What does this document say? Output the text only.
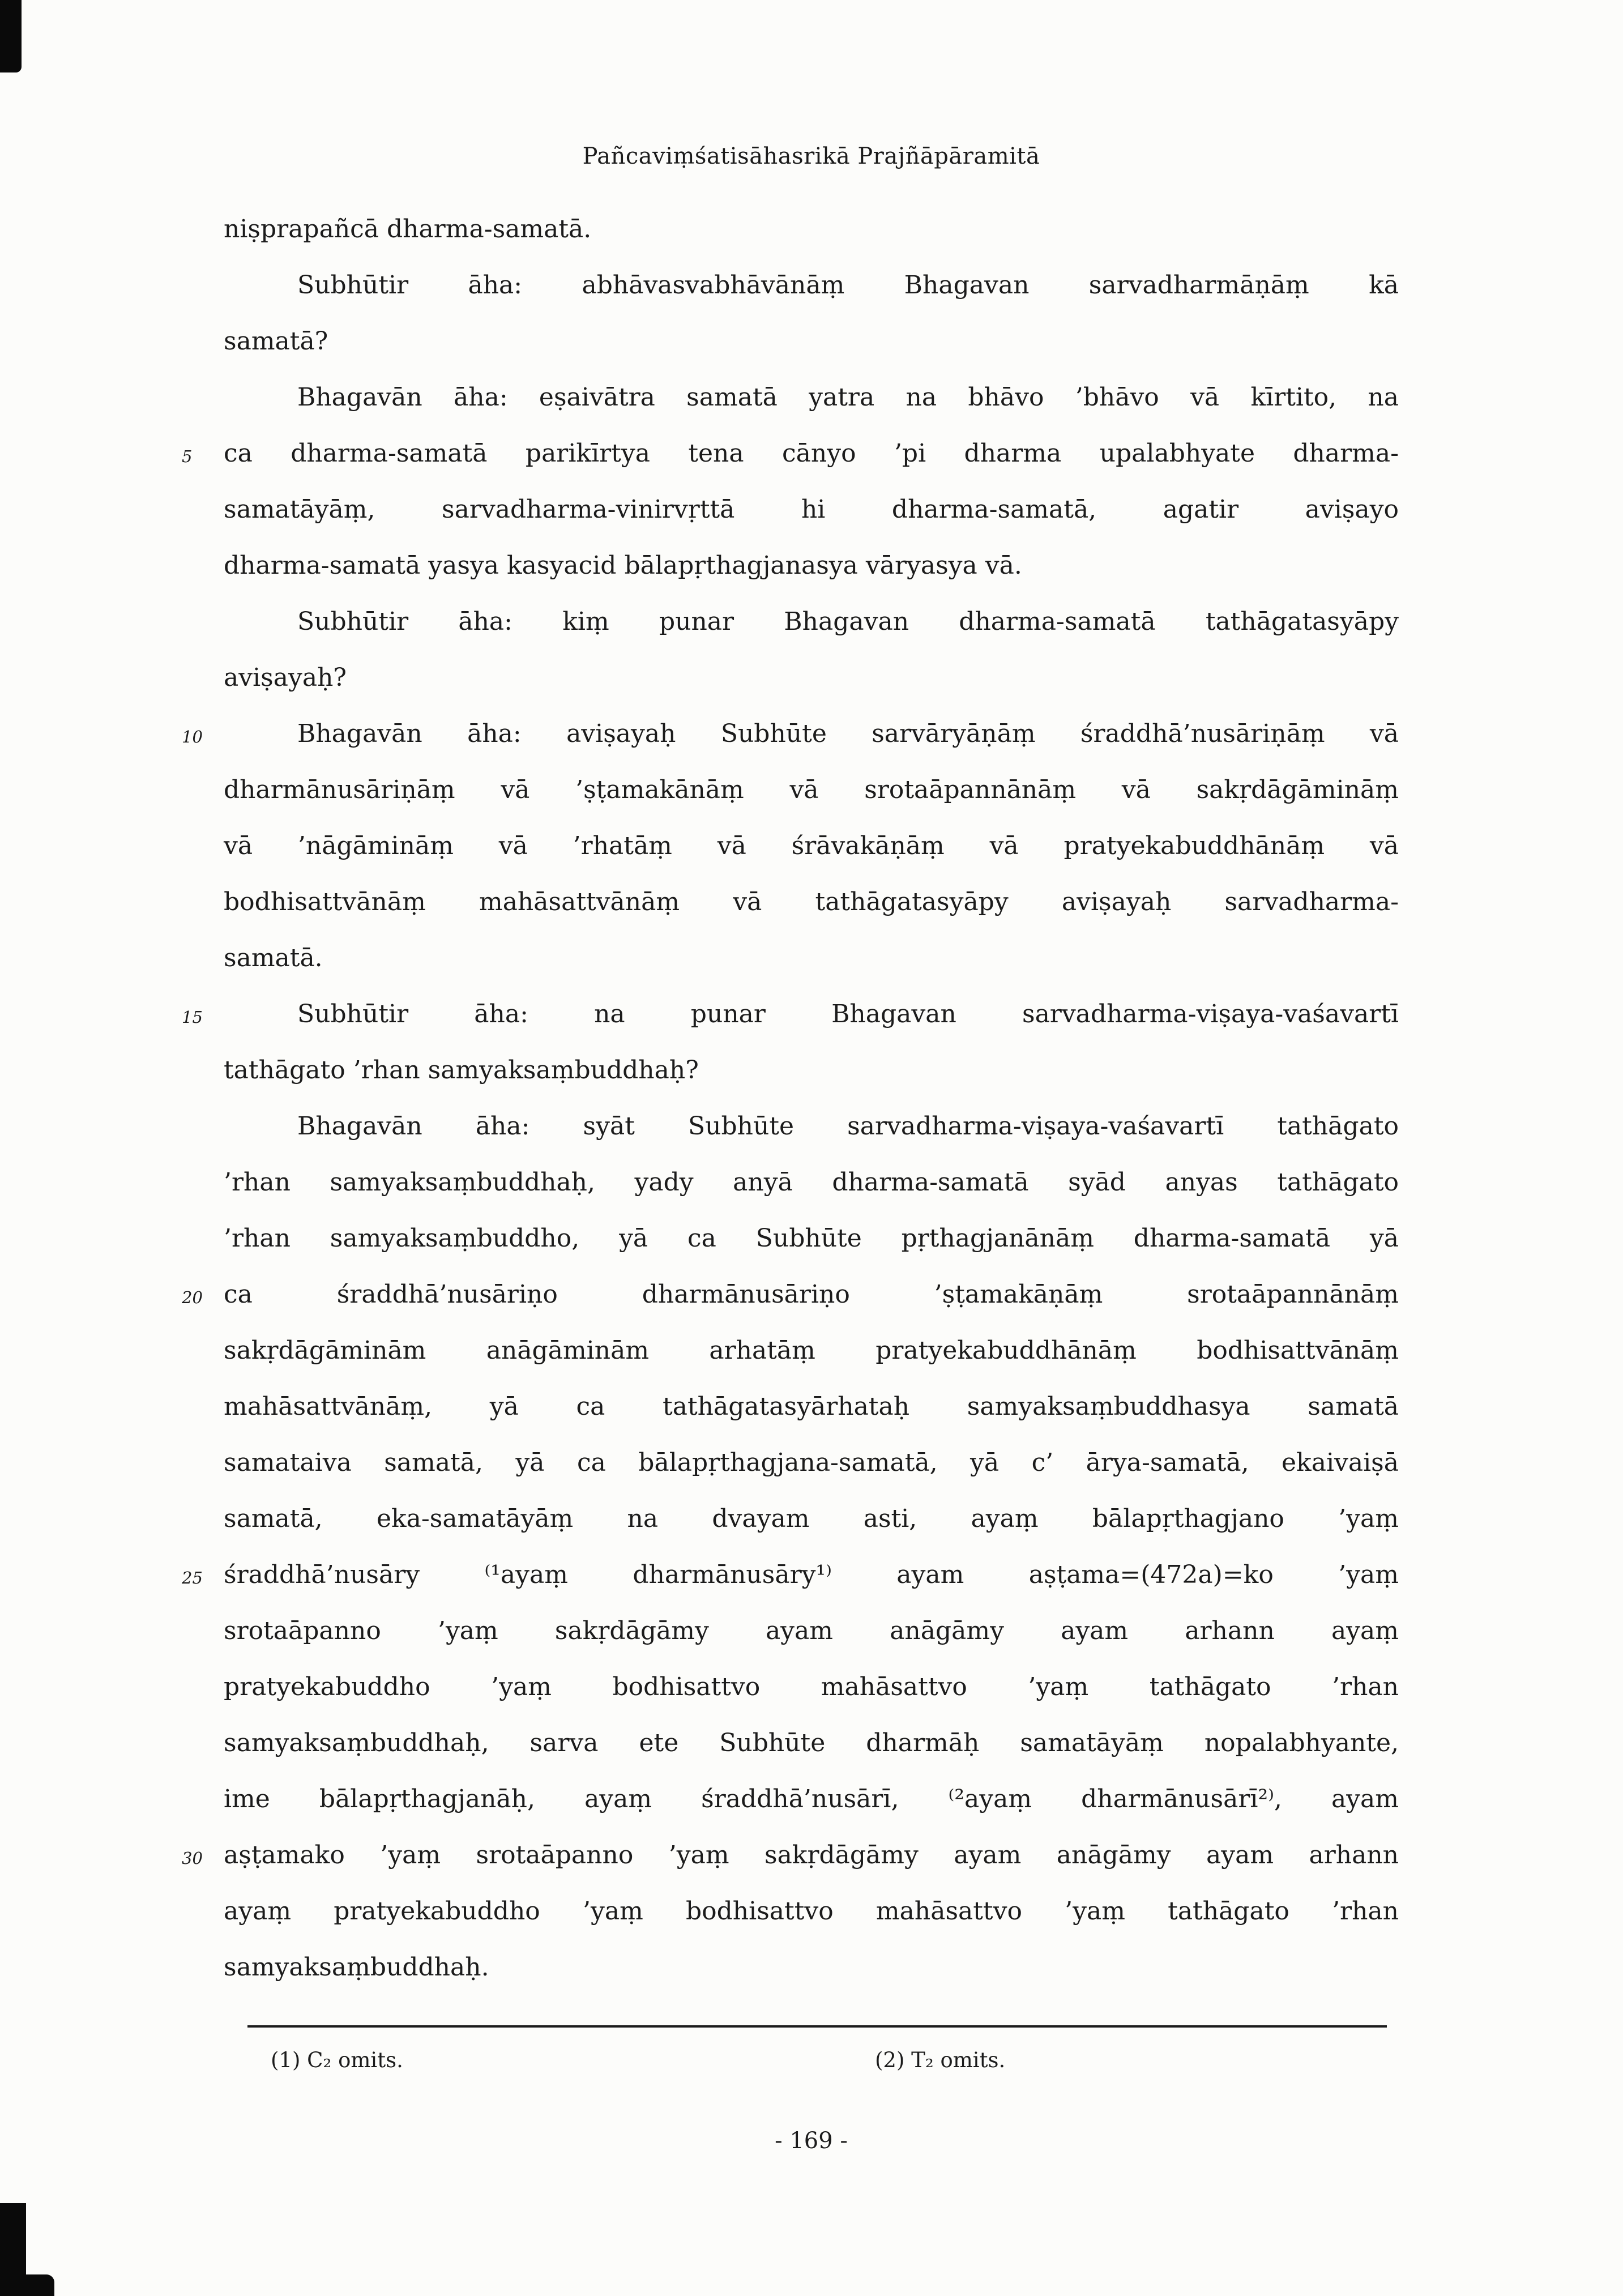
Pañcaviṃśatisāhasrikā Prajñāpāramitā
niṣprapañcā dharma-samatā.
Subhūtir āha: abhāvasvabhāvānāṃ Bhagavan sarvadharmāṇāṃ kā
samatā?
Bhagavān āha: eṣaivātra samatā yatra na bhāvo ’bhāvo vā kīrtito, na
5	ca dharma-samatā parikīrtya tena cānyo ’pi dharma upalabhyate dharma-
samatāyāṃ, sarvadharma-vinirvṛttā hi dharma-samatā, agatir aviṣayo
dharma-samatā yasya kasyacid bālapṛthagjanasya vāryasya vā.
Subhūtir āha: kiṃ punar Bhagavan dharma-samatā tathāgatasyāpy
aviṣayaḥ?
10	Bhagavān āha: aviṣayaḥ Subhūte sarvāryāṇāṃ śraddhā’nusāriṇāṃ vā
dharmānusāriṇāṃ vā ’ṣṭamakānāṃ vā srotaāpannānāṃ vā sakṛdāgāmināṃ
vā ’nāgāmināṃ vā ’rhatāṃ vā śrāvakāṇāṃ vā pratyekabuddhānāṃ vā
bodhisattvānāṃ mahāsattvānāṃ vā tathāgatasyāpy aviṣayaḥ sarvadharma-
samatā.
15	Subhūtir āha: na punar Bhagavan sarvadharma-viṣaya-vaśavartī
tathāgato ’rhan samyaksaṃbuddhaḥ?
Bhagavān āha: syāt Subhūte sarvadharma-viṣaya-vaśavartī tathāgato
’rhan samyaksaṃbuddhaḥ, yady anyā dharma-samatā syād anyas tathāgato
’rhan samyaksaṃbuddho, yā ca Subhūte pṛthagjanānāṃ dharma-samatā yā
20 ca śraddhā’nusāriṇo dharmānusāriṇo ’ṣṭamakāṇāṃ srotaāpannānāṃ
sakṛdāgāminām anāgāminām arhatāṃ pratyekabuddhānāṃ bodhisattvānāṃ
mahāsattvānāṃ, yā ca tathāgatasyārhataḥ samyaksaṃbuddhasya samatā
samataiva samatā, yā ca bālapṛthagjana-samatā, yā c’ ārya-samatā, ekaivaiṣā
samatā, eka-samatāyāṃ na dvayam asti, ayaṃ bālapṛthagjano ’yaṃ
25 śraddhā’nusāry ⁽¹ayaṃ dharmānusāry¹⁾ ayam aṣṭama=(472a)=ko ’yaṃ
srotaāpanno ’yaṃ sakṛdāgāmy ayam anāgāmy ayam arhann ayaṃ
pratyekabuddho ’yaṃ bodhisattvo mahāsattvo ’yaṃ tathāgato ’rhan
samyaksaṃbuddhaḥ, sarva ete Subhūte dharmāḥ samatāyāṃ nopalabhyante,
ime bālapṛthagjanāḥ, ayaṃ śraddhā’nusārī, ⁽²ayaṃ dharmānusārī²⁾, ayam
30 aṣṭamako ’yaṃ srotaāpanno ’yaṃ sakṛdāgāmy ayam anāgāmy ayam arhann
ayaṃ pratyekabuddho ’yaṃ bodhisattvo mahāsattvo ’yaṃ tathāgato ’rhan
samyaksaṃbuddhaḥ.
(1) C₂ omits.	(2) T₂ omits.
- 169 -
